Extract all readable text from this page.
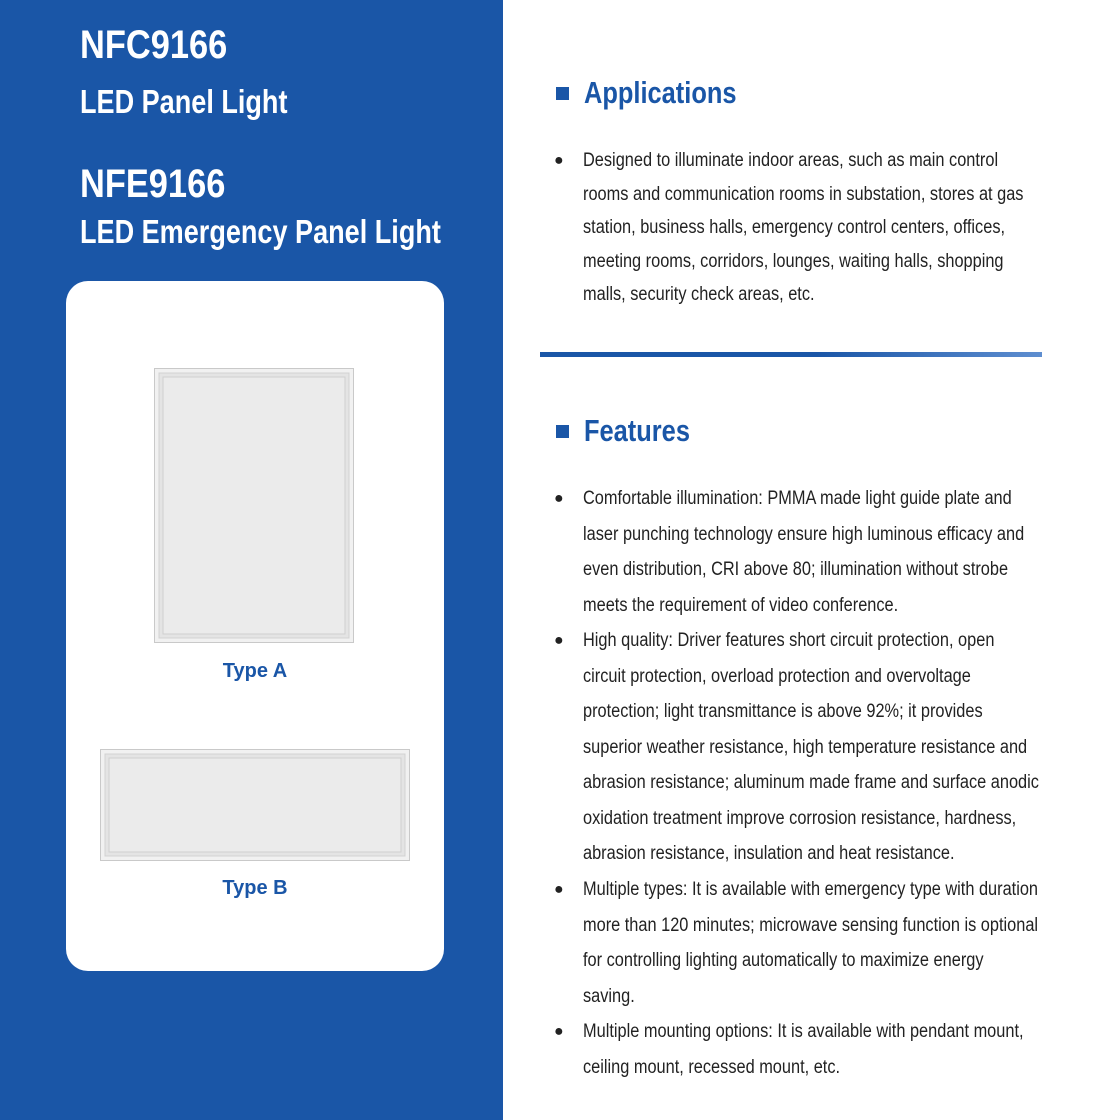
NFC9166
LED Panel Light
NFE9166
LED Emergency Panel Light
Type A
Type B
Applications
● Designed to illuminate indoor areas, such as main control
rooms and communication rooms in substation, stores at gas
station, business halls, emergency control centers, offices,
meeting rooms, corridors, lounges, waiting halls, shopping
malls, security check areas, etc.
Features
● Comfortable illumination: PMMA made light guide plate and
laser punching technology ensure high luminous efficacy and
even distribution, CRI above 80; illumination without strobe
meets the requirement of video conference.
● High quality: Driver features short circuit protection, open
circuit protection, overload protection and overvoltage
protection; light transmittance is above 92%; it provides
superior weather resistance, high temperature resistance and
abrasion resistance; aluminum made frame and surface anodic
oxidation treatment improve corrosion resistance, hardness,
abrasion resistance, insulation and heat resistance.
● Multiple types: It is available with emergency type with duration
more than 120 minutes; microwave sensing function is optional
for controlling lighting automatically to maximize energy
saving.
● Multiple mounting options: It is available with pendant mount,
ceiling mount, recessed mount, etc.
